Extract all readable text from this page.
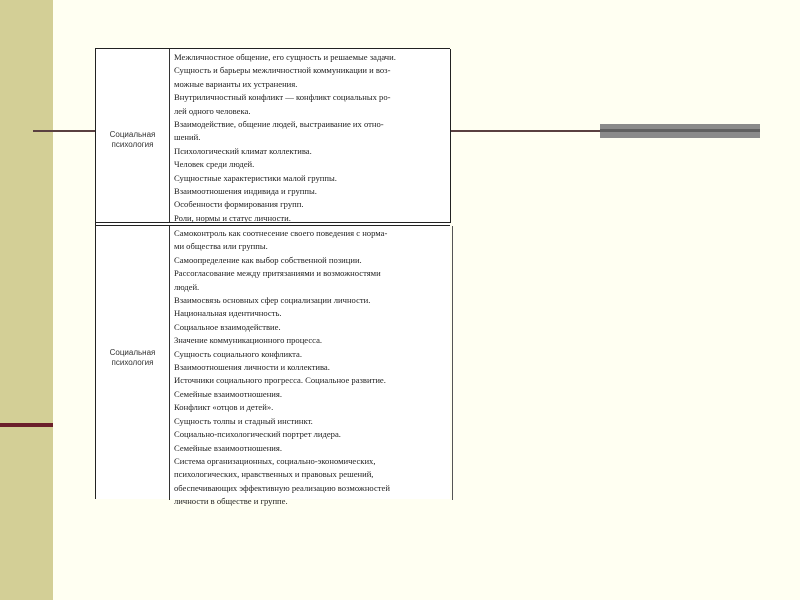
Социальная психология
Межличностное общение, его сущность и решаемые задачи.
Сущность и барьеры межличностной коммуникации и воз-
можные варианты их устранения.
Внутриличностный конфликт — конфликт социальных ро-
лей одного человека.
Взаимодействие, общение людей, выстраивание их отно-
шений.
Психологический климат коллектива.
Человек среди людей.
Сущностные характеристики малой группы.
Взаимоотношения индивида и группы.
Особенности формирования групп.
Роли, нормы и статус личности.
Социальная психология
Самоконтроль как соотнесение своего поведения с норма-
ми общества или группы.
Самоопределение как выбор собственной позиции.
Рассогласование между притязаниями и возможностями
людей.
Взаимосвязь основных сфер социализации личности.
Национальная идентичность.
Социальное взаимодействие.
Значение коммуникационного процесса.
Сущность социального конфликта.
Взаимоотношения личности и коллектива.
Источники социального прогресса. Социальное развитие.
Семейные взаимоотношения.
Конфликт «отцов и детей».
Сущность толпы и стадный инстинкт.
Социально-психологический портрет лидера.
Семейные взаимоотношения.
Система организационных, социально-экономических,
психологических, нравственных и правовых решений,
обеспечивающих эффективную реализацию возможностей
личности в обществе и группе.
